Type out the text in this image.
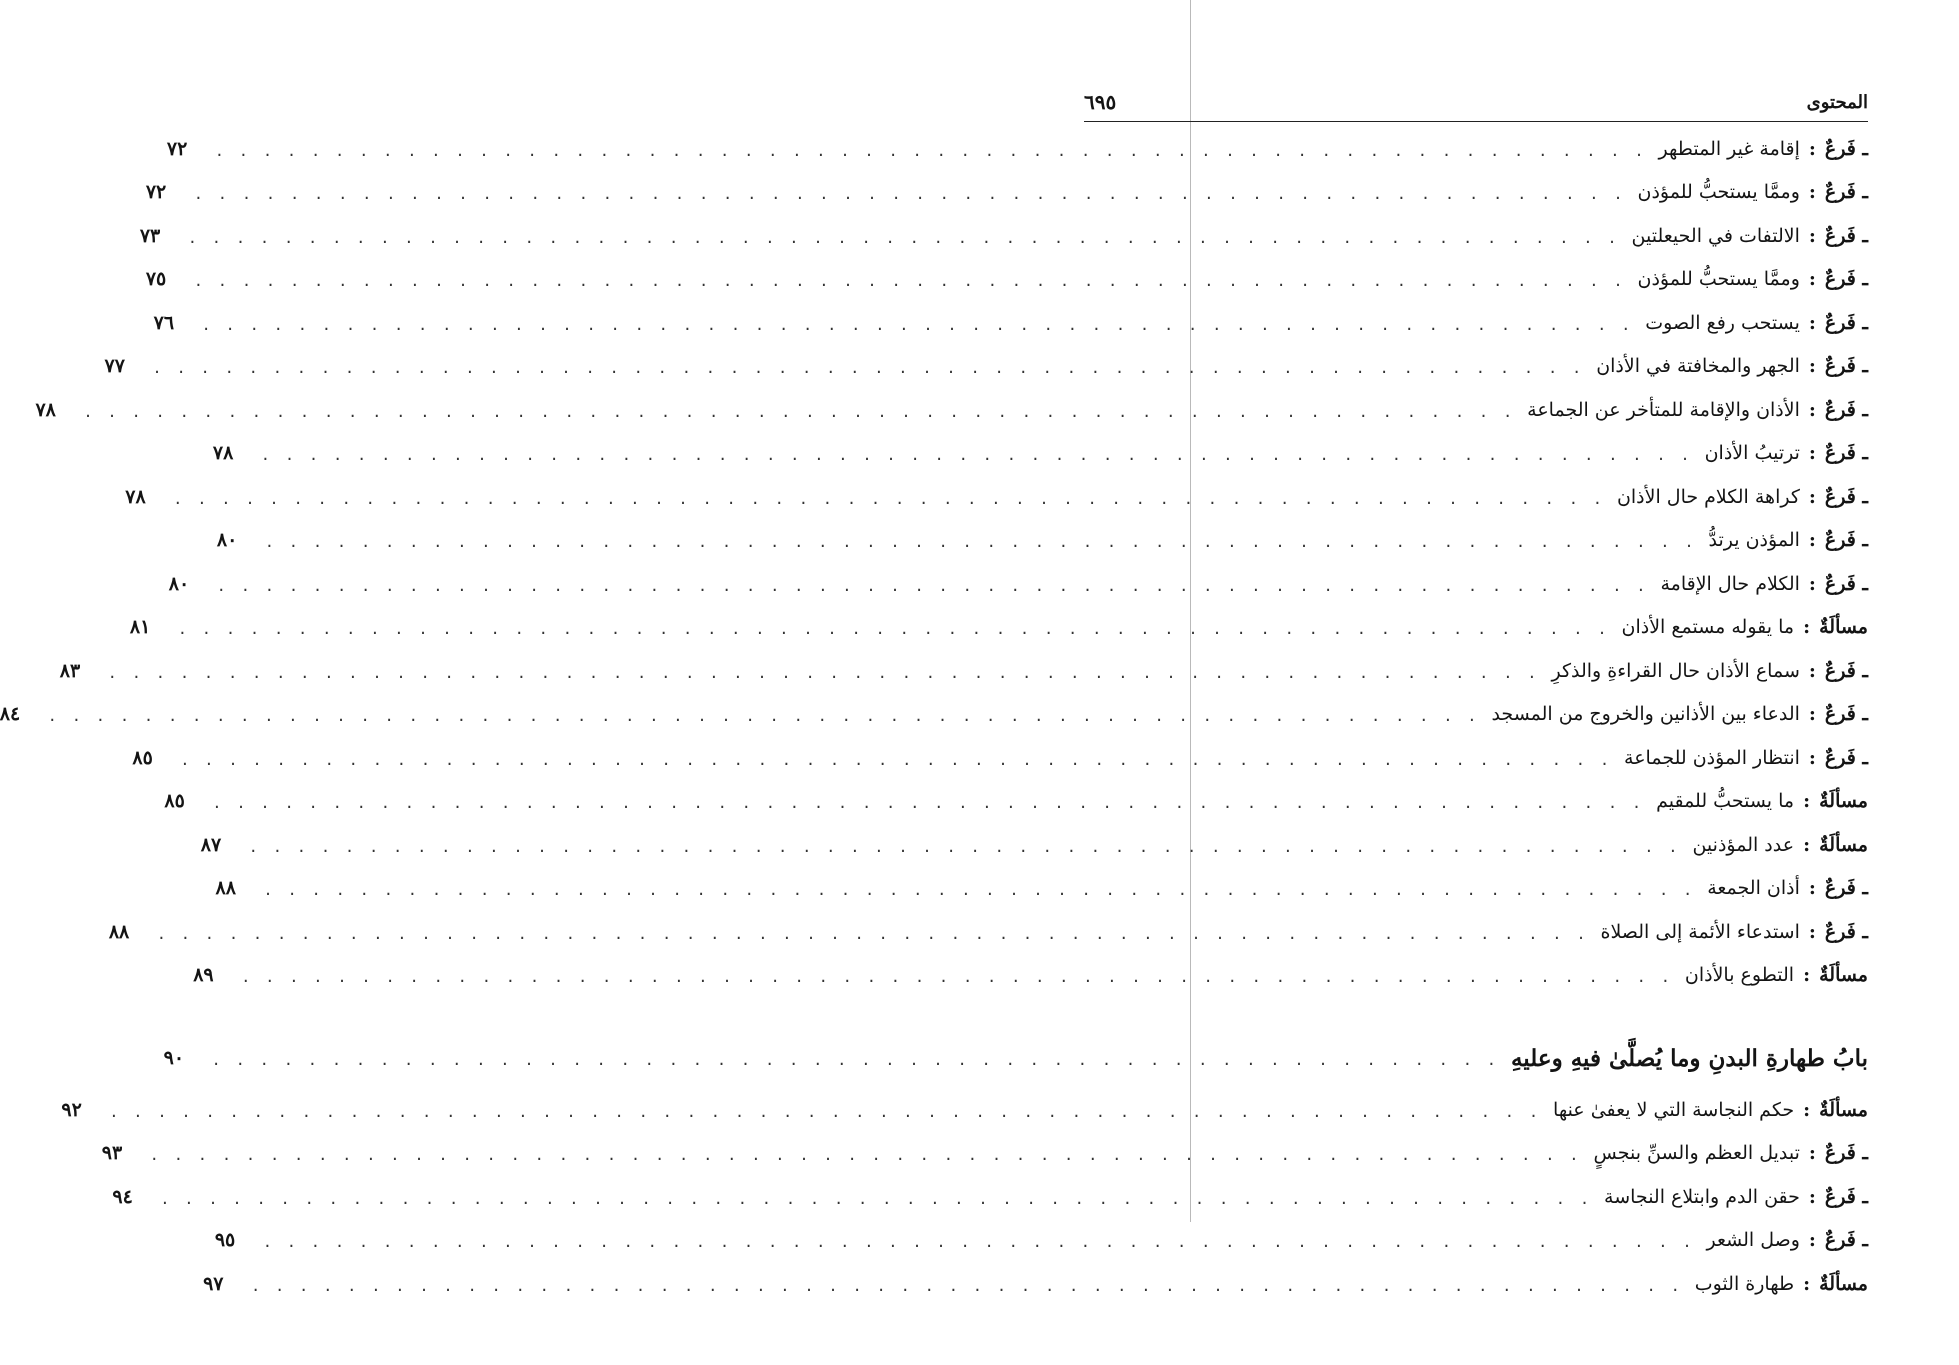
المحتوى
٦٩٥
ـ فَرعٌ
:
إقامة غير المتطهر
. . . . . . . . . . . . . . . . . . . . . . . . . . . . . . . . . . . . . . . . . . . . . . . . . . . . . . . . . . . .
٧٢
ـ فَرعٌ
:
وممَّا يستحبُّ للمؤذن
. . . . . . . . . . . . . . . . . . . . . . . . . . . . . . . . . . . . . . . . . . . . . . . . . . . . . . . . . . . .
٧٢
ـ فَرعٌ
:
الالتفات في الحيعلتين
. . . . . . . . . . . . . . . . . . . . . . . . . . . . . . . . . . . . . . . . . . . . . . . . . . . . . . . . . . . .
٧٣
ـ فَرعٌ
:
وممَّا يستحبُّ للمؤذن
. . . . . . . . . . . . . . . . . . . . . . . . . . . . . . . . . . . . . . . . . . . . . . . . . . . . . . . . . . . .
٧٥
ـ فَرعٌ
:
يستحب رفع الصوت
. . . . . . . . . . . . . . . . . . . . . . . . . . . . . . . . . . . . . . . . . . . . . . . . . . . . . . . . . . . .
٧٦
ـ فَرعٌ
:
الجهر والمخافتة في الأذان
. . . . . . . . . . . . . . . . . . . . . . . . . . . . . . . . . . . . . . . . . . . . . . . . . . . . . . . . . . . .
٧٧
ـ فَرعٌ
:
الأذان والإقامة للمتأخر عن الجماعة
. . . . . . . . . . . . . . . . . . . . . . . . . . . . . . . . . . . . . . . . . . . . . . . . . . . . . . . . . . . .
٧٨
ـ فَرعٌ
:
ترتيبُ الأذان
. . . . . . . . . . . . . . . . . . . . . . . . . . . . . . . . . . . . . . . . . . . . . . . . . . . . . . . . . . . .
٧٨
ـ فَرعٌ
:
كراهة الكلام حال الأذان
. . . . . . . . . . . . . . . . . . . . . . . . . . . . . . . . . . . . . . . . . . . . . . . . . . . . . . . . . . . .
٧٨
ـ فَرعٌ
:
المؤذن يرتدُّ
. . . . . . . . . . . . . . . . . . . . . . . . . . . . . . . . . . . . . . . . . . . . . . . . . . . . . . . . . . . .
٨٠
ـ فَرعٌ
:
الكلام حال الإقامة
. . . . . . . . . . . . . . . . . . . . . . . . . . . . . . . . . . . . . . . . . . . . . . . . . . . . . . . . . . . .
٨٠
مسألَةٌ
:
ما يقوله مستمع الأذان
. . . . . . . . . . . . . . . . . . . . . . . . . . . . . . . . . . . . . . . . . . . . . . . . . . . . . . . . . . . .
٨١
ـ فَرعٌ
:
سماع الأذان حال القراءةِ والذكرِ
. . . . . . . . . . . . . . . . . . . . . . . . . . . . . . . . . . . . . . . . . . . . . . . . . . . . . . . . . . . .
٨٣
ـ فَرعٌ
:
الدعاء بين الأذانين والخروج من المسجد
. . . . . . . . . . . . . . . . . . . . . . . . . . . . . . . . . . . . . . . . . . . . . . . . . . . . . . . . . . . .
٨٤
ـ فَرعٌ
:
انتظار المؤذن للجماعة
. . . . . . . . . . . . . . . . . . . . . . . . . . . . . . . . . . . . . . . . . . . . . . . . . . . . . . . . . . . .
٨٥
مسألَةٌ
:
ما يستحبُّ للمقيم
. . . . . . . . . . . . . . . . . . . . . . . . . . . . . . . . . . . . . . . . . . . . . . . . . . . . . . . . . . . .
٨٥
مسألَةٌ
:
عدد المؤذنين
. . . . . . . . . . . . . . . . . . . . . . . . . . . . . . . . . . . . . . . . . . . . . . . . . . . . . . . . . . . .
٨٧
ـ فَرعٌ
:
أذان الجمعة
. . . . . . . . . . . . . . . . . . . . . . . . . . . . . . . . . . . . . . . . . . . . . . . . . . . . . . . . . . . .
٨٨
ـ فَرعٌ
:
استدعاء الأئمة إلى الصلاة
. . . . . . . . . . . . . . . . . . . . . . . . . . . . . . . . . . . . . . . . . . . . . . . . . . . . . . . . . . . .
٨٨
مسألَةٌ
:
التطوع بالأذان
. . . . . . . . . . . . . . . . . . . . . . . . . . . . . . . . . . . . . . . . . . . . . . . . . . . . . . . . . . . .
٨٩
بابُ طهارةِ البدنِ وما يُصلَّىٰ فيهِ وعليهِ
. . . . . . . . . . . . . . . . . . . . . . . . . . . . . . . . . . . . . . . . . . . . . . . . . . . . . .
٩٠
مسألَةٌ
:
حكم النجاسة التي لا يعفىٰ عنها
. . . . . . . . . . . . . . . . . . . . . . . . . . . . . . . . . . . . . . . . . . . . . . . . . . . . . . . . . . . .
٩٢
ـ فَرعٌ
:
تبديل العظم والسنِّ بنجسٍ
. . . . . . . . . . . . . . . . . . . . . . . . . . . . . . . . . . . . . . . . . . . . . . . . . . . . . . . . . . . .
٩٣
ـ فَرعٌ
:
حقن الدم وابتلاع النجاسة
. . . . . . . . . . . . . . . . . . . . . . . . . . . . . . . . . . . . . . . . . . . . . . . . . . . . . . . . . . . .
٩٤
ـ فَرعٌ
:
وصل الشعر
. . . . . . . . . . . . . . . . . . . . . . . . . . . . . . . . . . . . . . . . . . . . . . . . . . . . . . . . . . . .
٩٥
مسألَةٌ
:
طهارة الثوب
. . . . . . . . . . . . . . . . . . . . . . . . . . . . . . . . . . . . . . . . . . . . . . . . . . . . . . . . . . . .
٩٧
